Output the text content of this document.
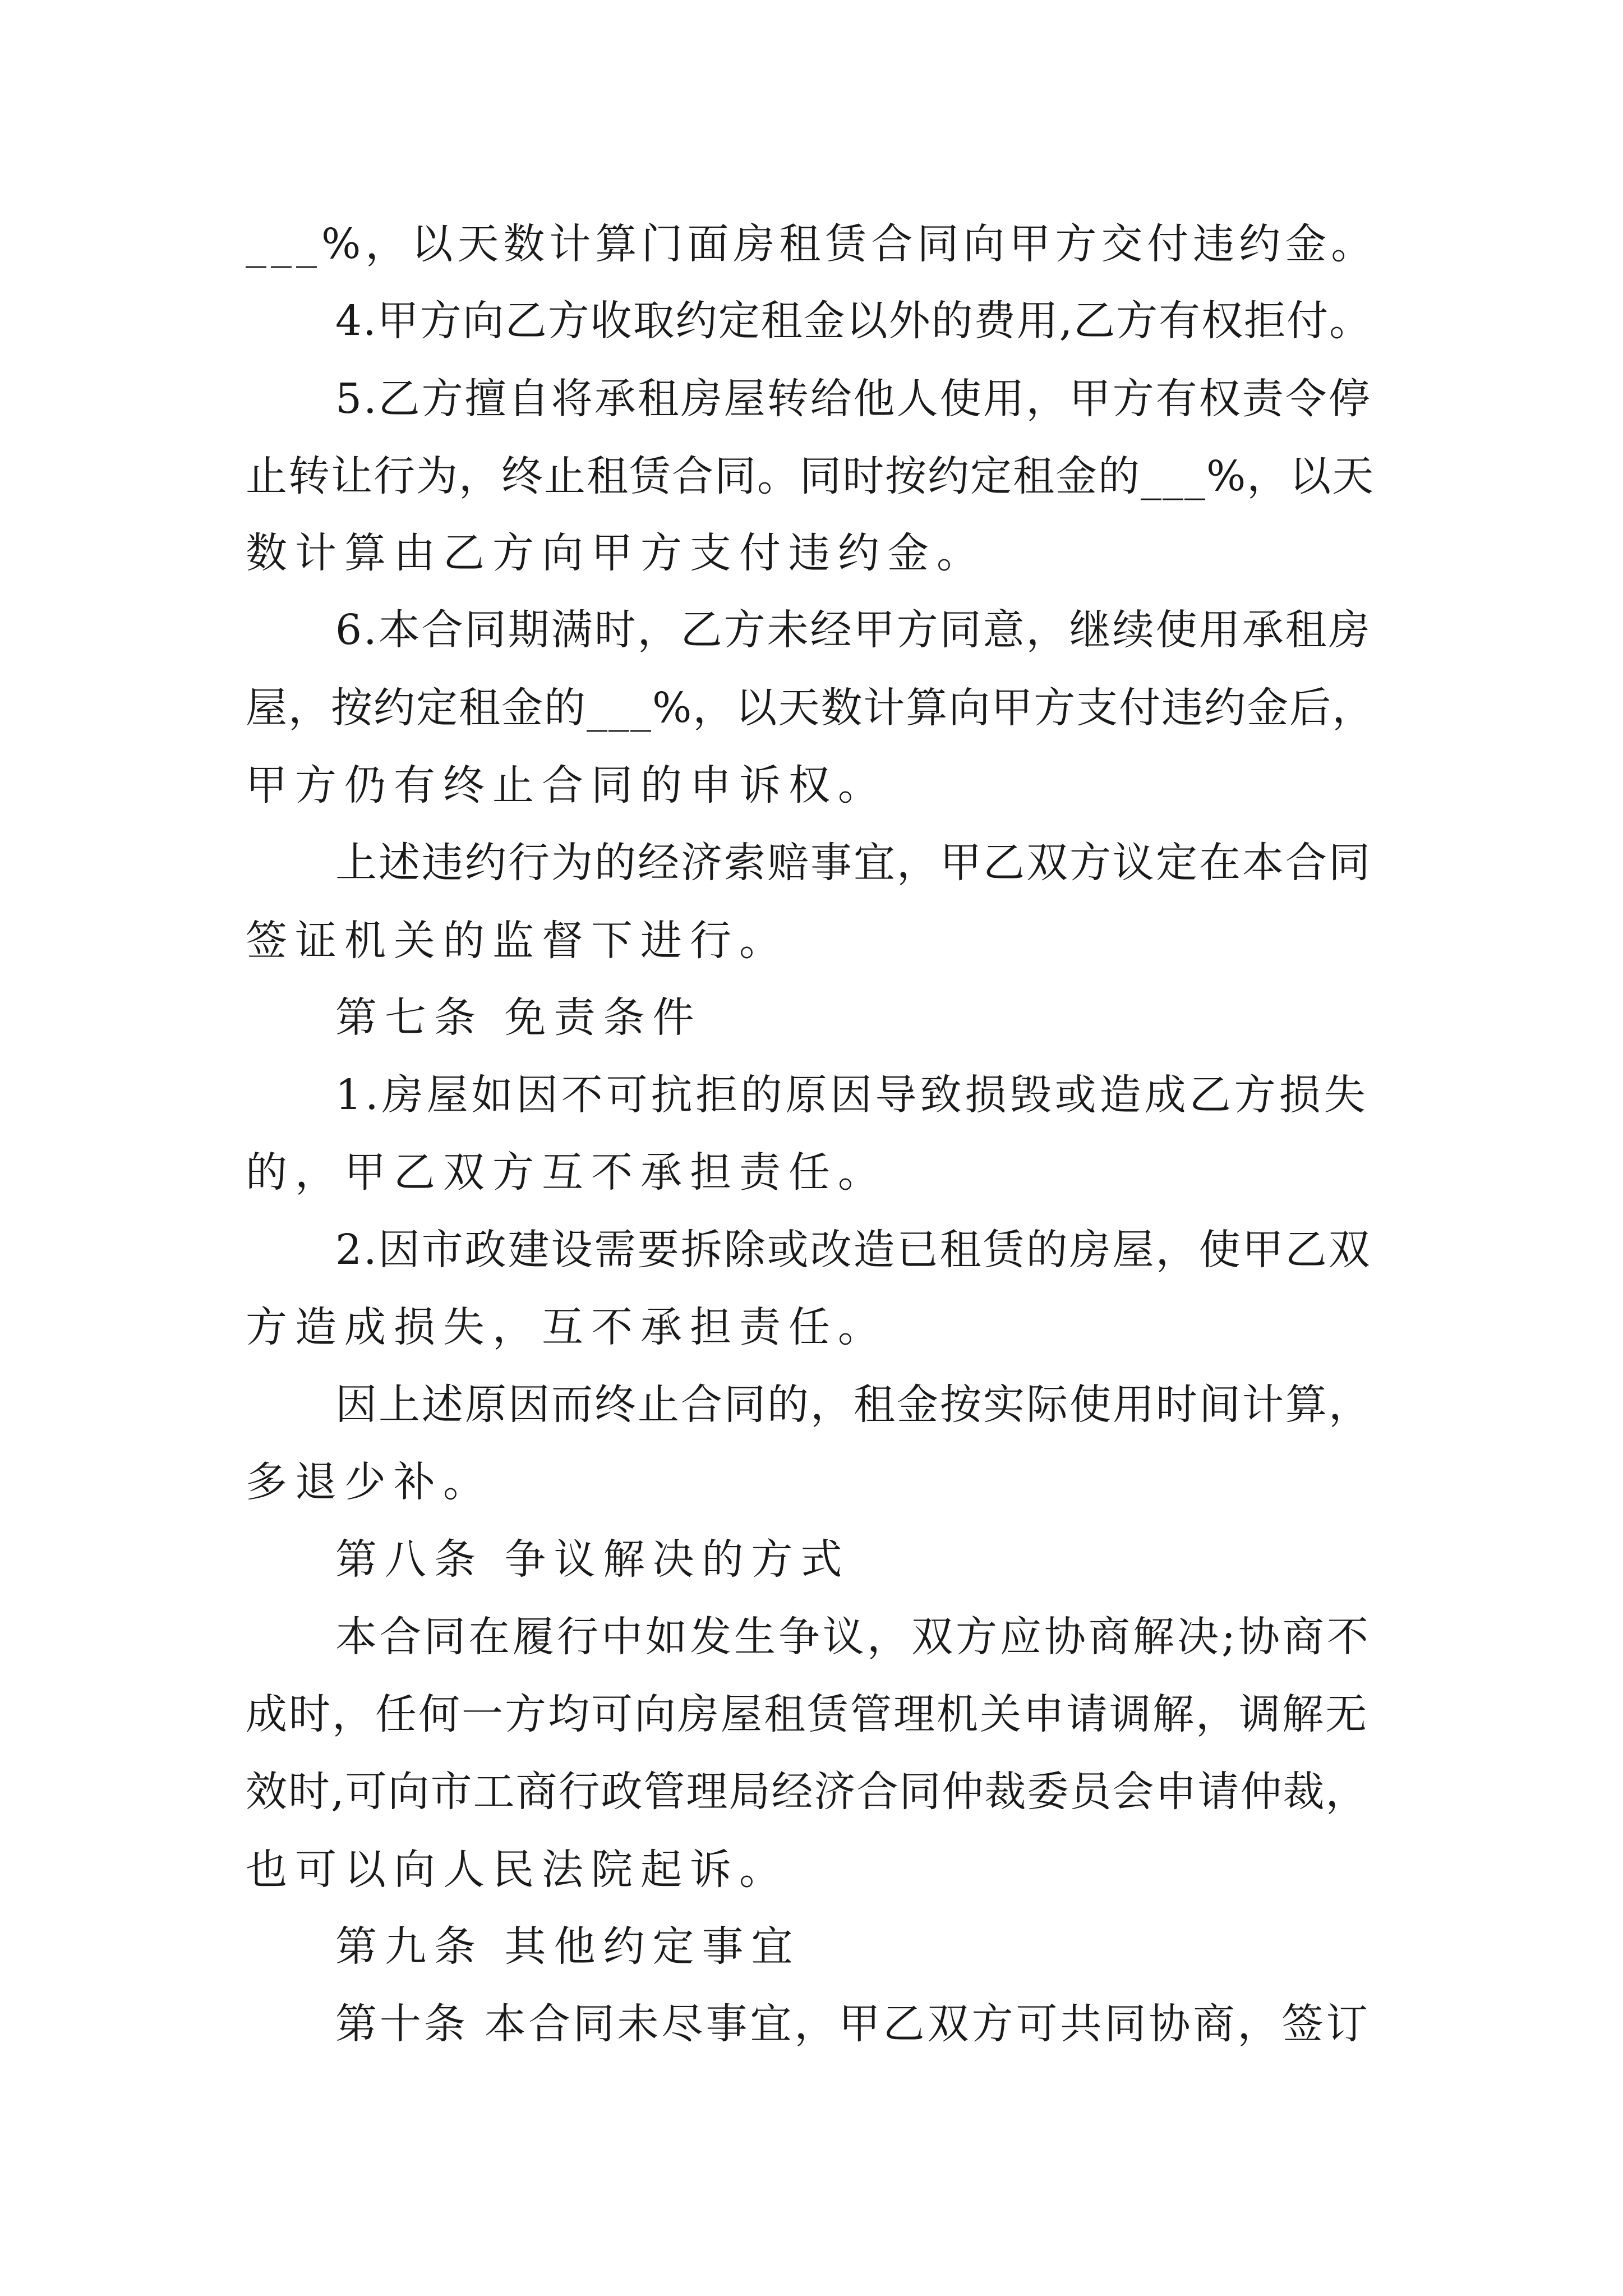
___%，以天数计算门面房租赁合同向甲方交付违约金。
4.甲方向乙方收取约定租金以外的费用,乙方有权拒付。
5.乙方擅自将承租房屋转给他人使用，甲方有权责令停
止转让行为，终止租赁合同。同时按约定租金的___%，以天
数计算由乙方向甲方支付违约金。
6.本合同期满时，乙方未经甲方同意，继续使用承租房
屋，按约定租金的___%，以天数计算向甲方支付违约金后，
甲方仍有终止合同的申诉权。
上述违约行为的经济索赔事宜，甲乙双方议定在本合同
签证机关的监督下进行。
第七条 免责条件
1.房屋如因不可抗拒的原因导致损毁或造成乙方损失
的，甲乙双方互不承担责任。
2.因市政建设需要拆除或改造已租赁的房屋，使甲乙双
方造成损失，互不承担责任。
因上述原因而终止合同的，租金按实际使用时间计算，
多退少补。
第八条 争议解决的方式
本合同在履行中如发生争议，双方应协商解决;协商不
成时，任何一方均可向房屋租赁管理机关申请调解，调解无
效时,可向市工商行政管理局经济合同仲裁委员会申请仲裁，
也可以向人民法院起诉。
第九条 其他约定事宜
第十条 本合同未尽事宜，甲乙双方可共同协商，签订
